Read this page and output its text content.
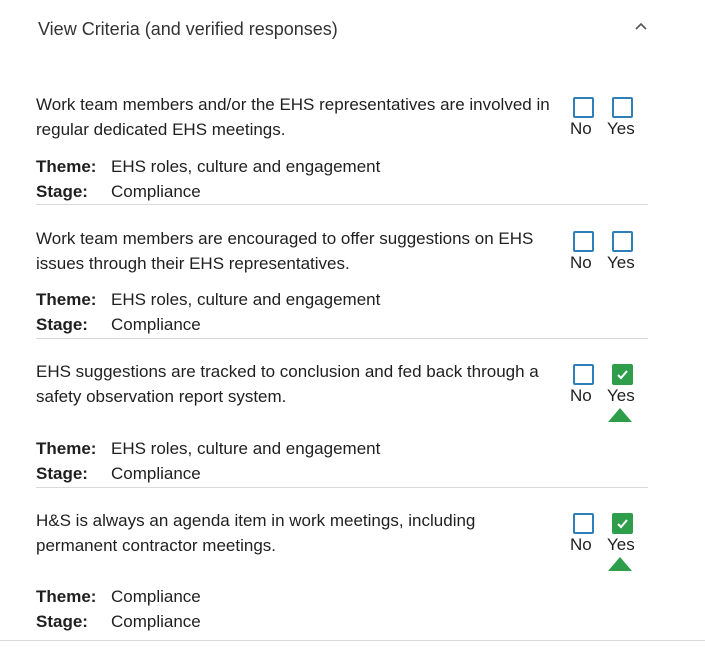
View Criteria (and verified responses)
Work team members and/or the EHS representatives are involved in regular dedicated EHS meetings.	No Yes
Theme: EHS roles, culture and engagement
Stage:	Compliance
Work team members are encouraged to offer suggestions on EHS issues through their EHS representatives.	No Yes
Theme: EHS roles, culture and engagement
Stage:	Compliance
EHS suggestions are tracked to conclusion and fed back through a safety observation report system.	No Yes
Theme: EHS roles, culture and engagement
Stage:	Compliance
H&S is always an agenda item in work meetings, including permanent contractor meetings.	No Yes
Theme: Compliance
Stage:	Compliance
